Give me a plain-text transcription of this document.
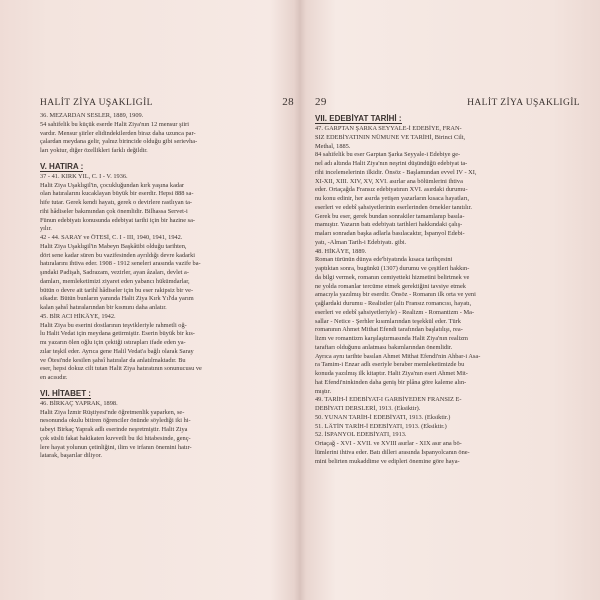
HALİT ZİYA UŞAKLIGİL	28
36. MEZARDAN SESLER, 1889, 1909.
54 sahifelik bu küçük eserde Halit Ziya'nın 12 mensur şiiri
vardır. Mensur şiirler elidindekilerden biraz daha uzunca par-
çalardan meydana gelir, yalnız birincide olduğu gibi serievha-
ları yoktur, diğer özellikleri farklı değildir.
V. HATIRA :
37 - 41. KIRK YIL, C. I - V. 1936.
Halit Ziya Uşaklıgil'in, çocukluğundan kırk yaşına kadar
olan hatıralarını kucaklayan büyük bir eserdir. Hepsi 888 sa-
hife tutar. Gerek kendi hayatı, gerek o devirlere rastlıyan ta-
rihi hâdiseler bakımından çok önemlidir. Bilhassa Servet-i
Fünun edebiyatı konusunda edebiyat tarihi için bir hazine sa-
yılır.
42 - 44. SARAY ve ÖTESİ, C. I - III, 1940, 1941, 1942.
Halit Ziya Uşaklıgil'in Mabeyn Başkâtibi olduğu tarihten,
dört sene kadar süren bu vazifesinden ayrıldığı devre kadarki
hatıralarını ihtiva eder. 1908 - 1912 seneleri arasında vazife ba-
şındaki Padişah, Sadrazam, vezirler, ayan âzaları, devlet a-
damları, memleketimizi ziyaret eden yabancı hükümdarlar,
bütün o devre ait tarihî hâdiseler için bu eser rakipsiz bir ve-
sikadır. Bütün bunların yanında Halit Ziya Kırk Yıl'da yarım
kalan şahsî hatıralarından bir kısmını daha anlatır.
45. BİR ACI HİKÂYE, 1942.
Halit Ziya bu eserini dostlarının teşvikleriyle rahmetli oğ-
lu Halit Vedat için meydana getirmiştir. Eserin büyük bir kıs-
mı yazarın ölen oğlu için çektiği ıstırapları ifade eden ya-
zılar teşkil eder. Ayrıca gene Halil Vedat'a bağlı olarak Saray
ve Ötesi'nde kesilen şahsî hatıralar da anlatılmaktadır. Bu
eser, hepsi dokuz cilt tutan Halit Ziya hatıratının sonunucusu ve
en acısıdır.
VI. HİTABET :
46. BİRKAÇ YAPRAK, 1898.
Halit Ziya İzmir Rüştiyesi'nde öğretmenlik yaparken, se-
nesonunda okulu bitiren öğrenciler önünde söylediği iki hi-
tabeyi Birkaç Yaprak adlı eserinde neşretmiştir. Halit Ziya
çok süslü fakat hakikaten kuvvetli bu iki hitabesinde, genç-
lere hayat yolunun çetinliğini, ilim ve irfanın önemini hatır-
latarak, başarılar diliyor.
29	HALİT ZİYA UŞAKLIGİL
VII. EDEBİYAT TARİHİ :
47. GARPTAN ŞARKA SEYYALE-İ EDEBİYE, FRAN-
SIZ EDEBİYATININ NÜMUNE VE TARİHİ, Birinci Cilt,
Methal, 1885.
84 sahifelik bu eser Garptan Şarka Seyyale-i Edebiye ge-
nel adı altında Halit Ziya'nın neşrini düşündüğü edebiyat ta-
rihi incelemelerinin ilkidir. Önsöz - Başlamından evvel IV - XI,
XI-XII, XIII. XIV, XV, XVI. asırlar ana bölümlerini ihtiva
eder. Ortaçağda Fransız edebiyatının XVI. asırdaki durumu-
nu konu edinir, her asırda yetişen yazarların kısaca hayatları,
eserleri ve edebî şahsiyetlerinin eserlerinden örnekler tanıtılır.
Gerek bu eser, gerek bundan sonrakiler tamamlanıp basıla-
mamıştır. Yazarın batı edebiyatı tarihleri hakkındaki çalış-
maları sonradan başka adlarla basılacaktır, İspanyol Edebi-
yatı, -Alman Tarih-i Edebiyatı. gibi.
48. HİKÂYE, 1889.
Roman türünün dünya ede'biyatında kısaca tarihçesini
yaptıktan sonra, bugünkü (1307) durumu ve çeşitleri hakkın-
da bilgi vermek, romanın cemiyetteki hizmetini belirtmek ve
ne yolda romanlar tercüme etmek gerektiğini tavsiye etmek
amacıyla yazılmış bir eserdir. Önsöz - Romanın ilk orta ve yeni
çağlardaki durumu - Realistler (altı Fransız romancısı, hayatı,
eserleri ve edebî şahsiyetleriyle) - Realizm - Romantizm - Ma-
sallar - Netice - Şerhler kısımlarından teşekkül eder. Türk
romanının Ahmet Mithat Efendi tarafından başlatılışı, rea-
lizm ve romantizm karşılaştırmasında Halit Ziya'nın realizm
taraftarı olduğunu anlatması bakımlarından önemlidir.
Ayrıca aynı tarihte basılan Ahmet Mithat Efendi'nin Ahbar-i Asa-
ra Tamim-i Enzar adlı eseriyle beraber memleketimizde bu
konuda yazılmış ilk kitaptır. Halit Ziya'nın eseri Ahmet Mit-
hat Efendi'ninkinden daha geniş bir plâna göre kaleme alın-
mıştır.
49. TARİH-İ EDEBİYAT-I GARBİYEDEN FRANSIZ E-
DEBİYATI DERSLERİ, 1913. (Eksiktir).
50. YUNAN TARİH-İ EDEBİYATI, 1913. (Eksiktir.)
51. LÂTİN TARİH-İ EDEBİYATI, 1913. (Eksiktir.)
52. İSPANYOL EDEBİYATI, 1913.
Ortaçağ - XVI - XVII. ve XVIII asırlar - XIX asır ana bö-
lümlerini ihtiva eder. Batı dilleri arasında İspanyolcanın öne-
mini belirten mukaddime ve edipleri önemine göre haya-
